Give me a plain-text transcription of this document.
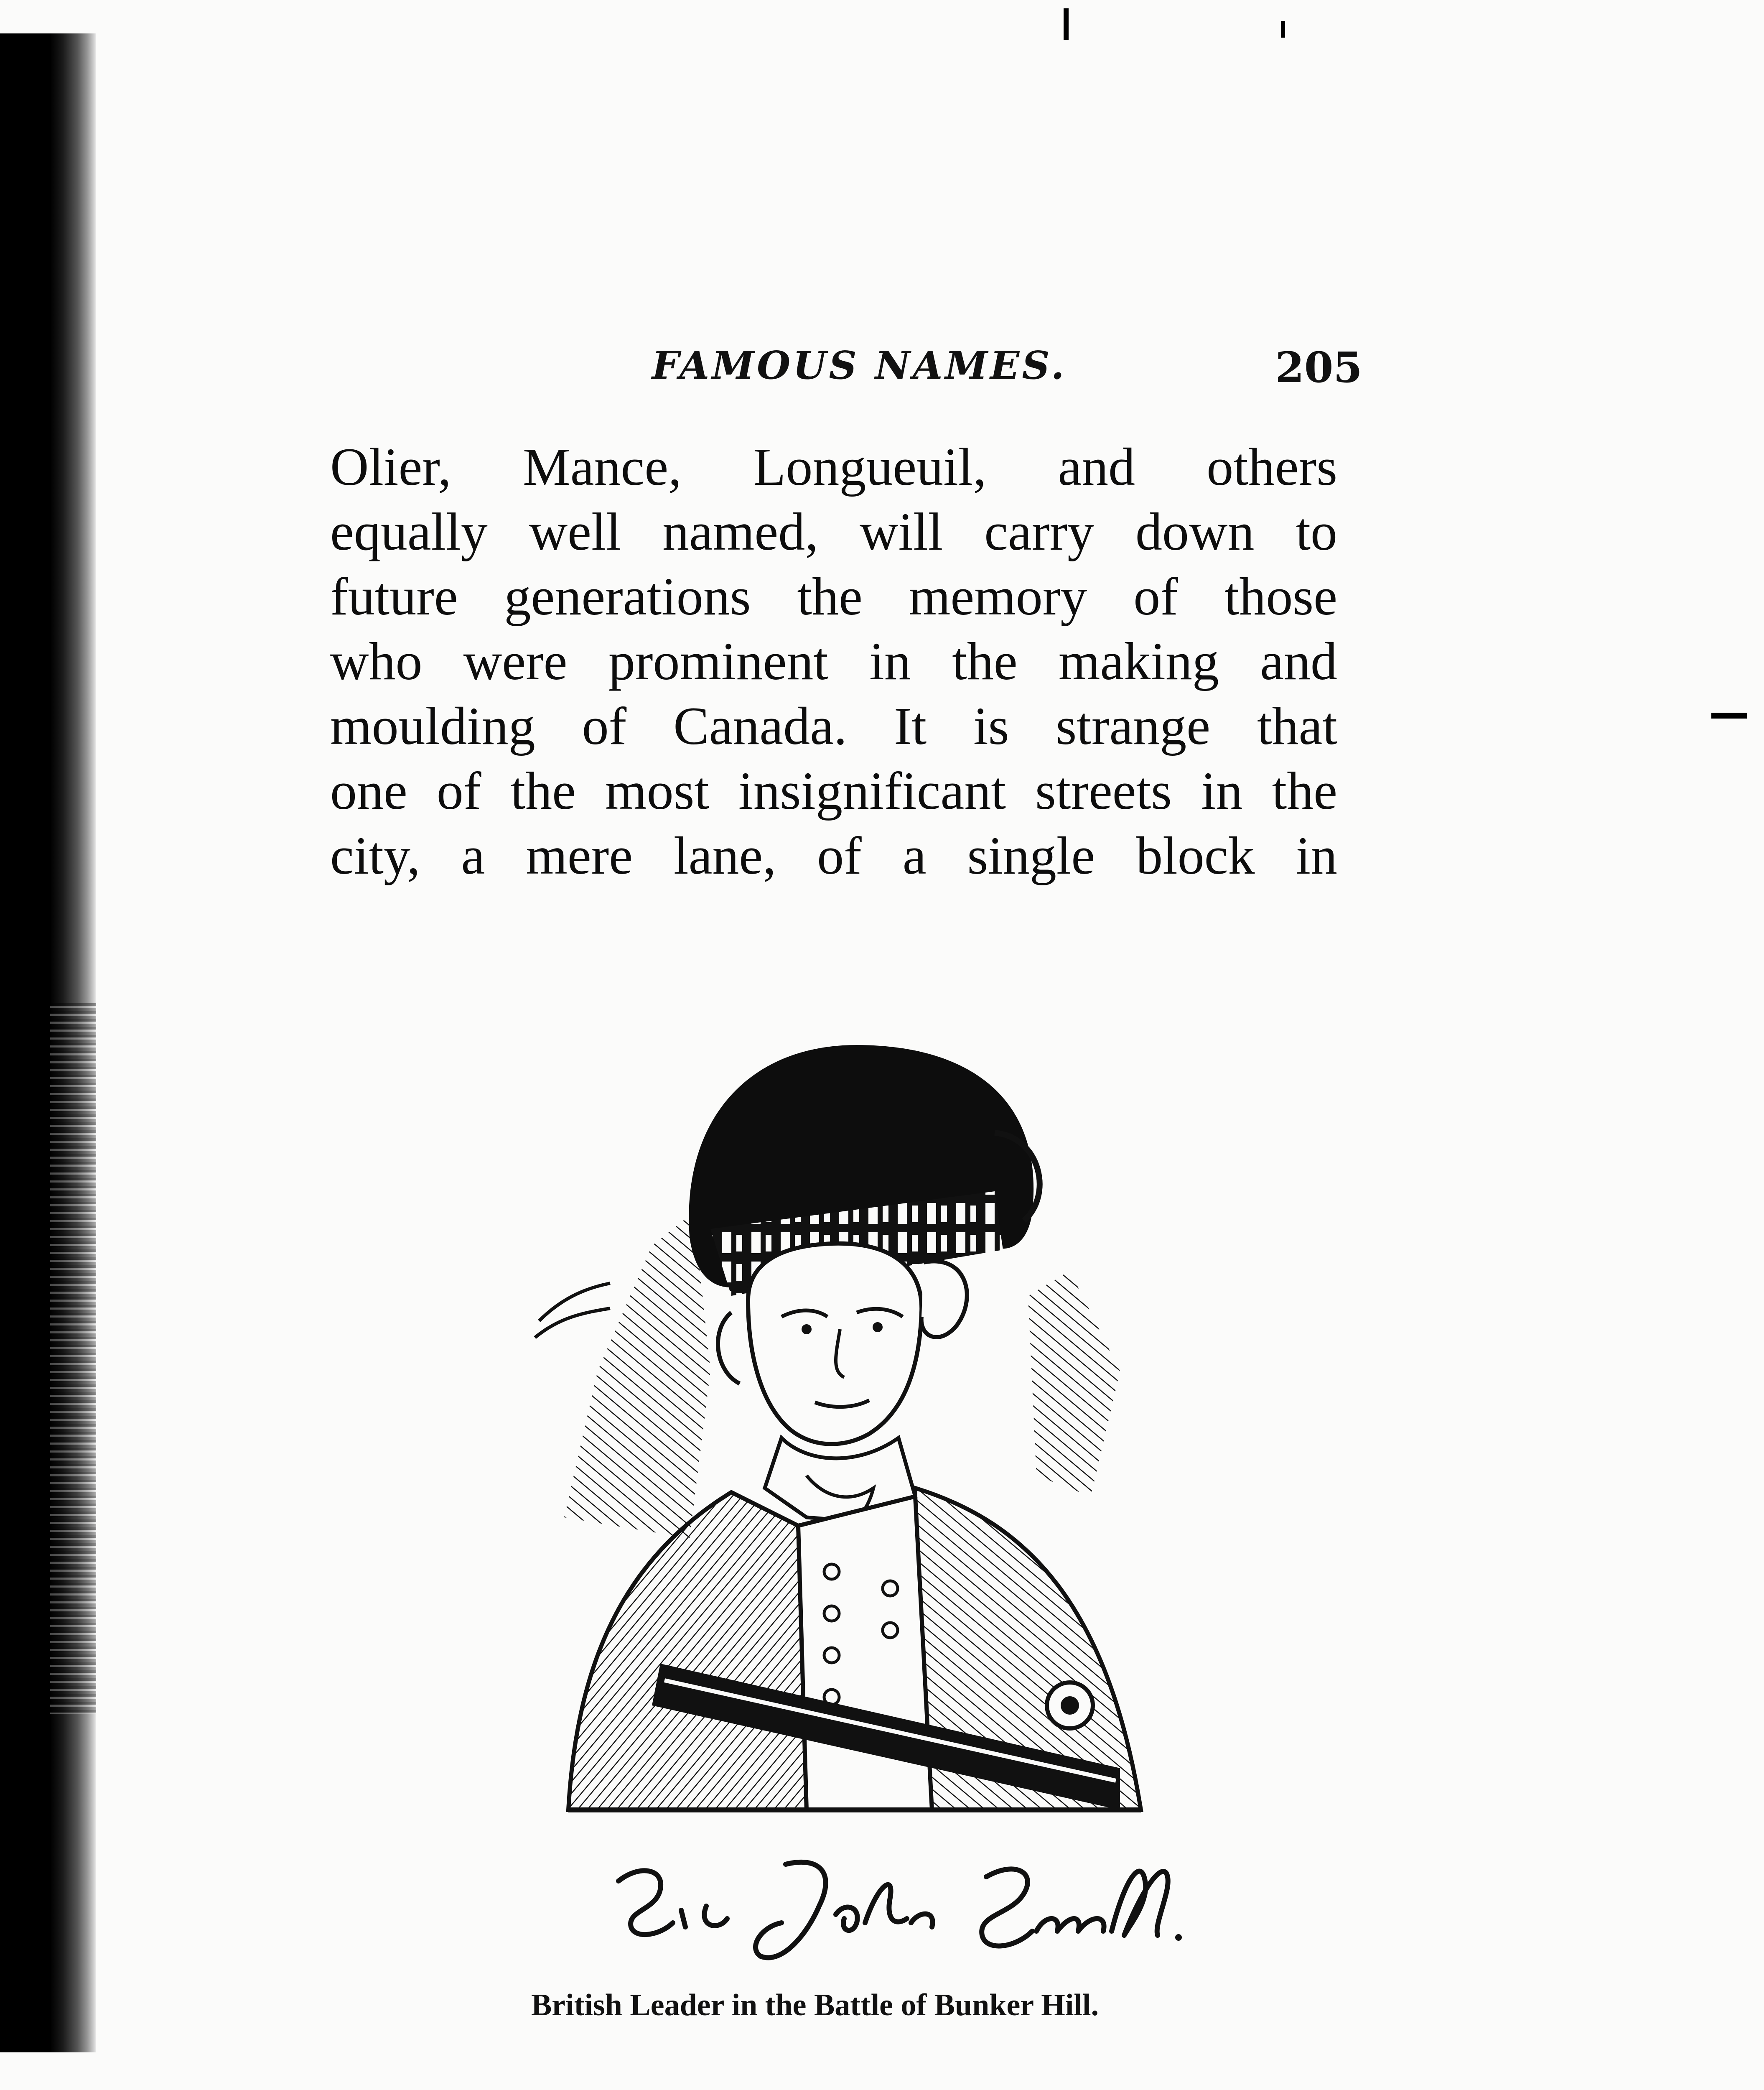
FAMOUS NAMES.	205
Olier, Mance, Longueuil, and others
equally well named, will carry down to
future generations the memory of those
who were prominent in the making and
moulding of Canada. It is strange that
one of the most insignificant streets in the
city, a mere lane, of a single block in
British Leader in the Battle of Bunker Hill.
